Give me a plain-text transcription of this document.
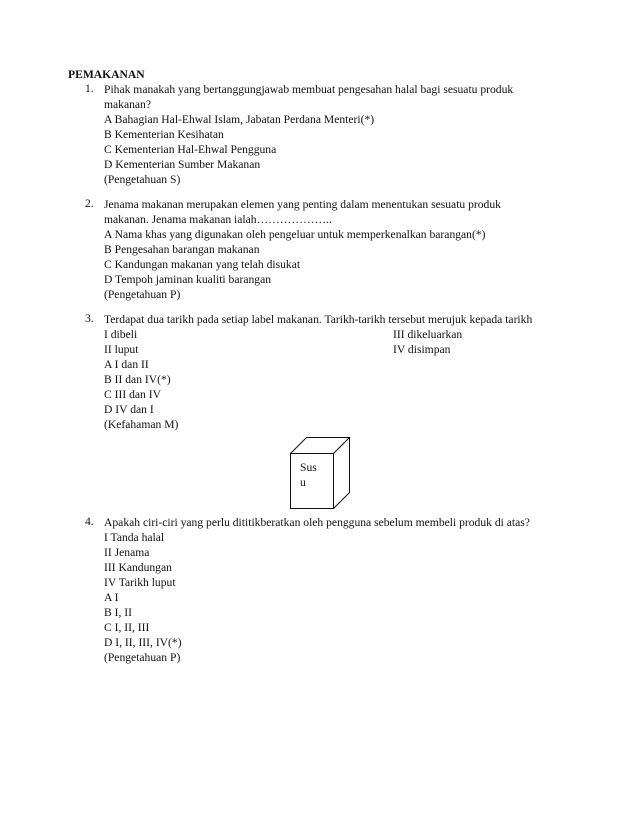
PEMAKANAN
1. Pihak manakah yang bertanggungjawab membuat pengesahan halal bagi sesuatu produk
makanan?
A Bahagian Hal-Ehwal Islam, Jabatan Perdana Menteri(*)
B Kementerian Kesihatan
C Kementerian Hal-Ehwal Pengguna
D Kementerian Sumber Makanan
(Pengetahuan S)
2. Jenama makanan merupakan elemen yang penting dalam menentukan sesuatu produk
makanan. Jenama makanan ialah………………..
A Nama khas yang digunakan oleh pengeluar untuk memperkenalkan barangan(*)
B Pengesahan barangan makanan
C Kandungan makanan yang telah disukat
D Tempoh jaminan kualiti barangan
(Pengetahuan P)
3. Terdapat dua tarikh pada setiap label makanan. Tarikh-tarikh tersebut merujuk kepada tarikh
I dibeli	III dikeluarkan
II luput	IV disimpan
A I dan II
B II dan IV(*)
C III dan IV
D IV dan I
(Kefahaman M)
Sus
u
4. Apakah ciri-ciri yang perlu dititikberatkan oleh pengguna sebelum membeli produk di atas?
I Tanda halal
II Jenama
III Kandungan
IV Tarikh luput
A I
B I, II
C I, II, III
D I, II, III, IV(*)
(Pengetahuan P)
